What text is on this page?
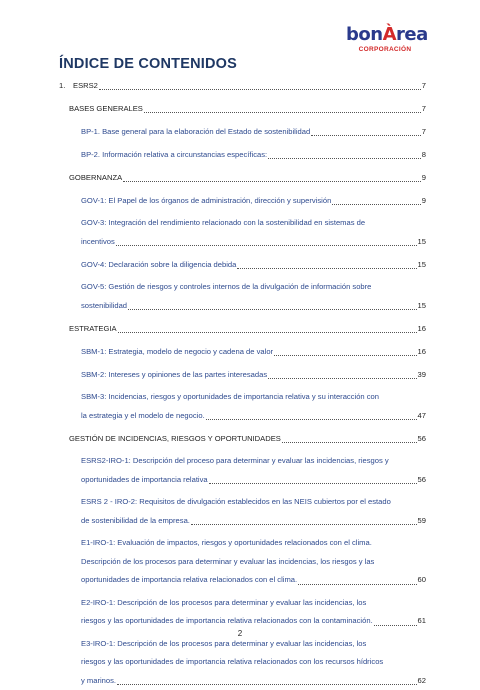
bonÀrea
CORPORACIÓN
ÍNDICE DE CONTENIDOS
1.	ESRS2	7
BASES GENERALES	7
BP-1. Base general para la elaboración del Estado de sostenibilidad	7
BP-2. Información relativa a circunstancias específicas:	8
GOBERNANZA	9
GOV-1: El Papel de los órganos de administración, dirección y supervisión	9
GOV-3: Integración del rendimiento relacionado con la sostenibilidad en sistemas de
incentivos	15
GOV-4: Declaración sobre la diligencia debida	15
GOV-5: Gestión de riesgos y controles internos de la divulgación de información sobre
sostenibilidad	15
ESTRATEGIA	16
SBM-1: Estrategia, modelo de negocio y cadena de valor	16
SBM-2: Intereses y opiniones de las partes interesadas	39
SBM-3: Incidencias, riesgos y oportunidades de importancia relativa y su interacción con
la estrategia y el modelo de negocio.	47
GESTIÓN DE INCIDENCIAS, RIESGOS Y OPORTUNIDADES	56
ESRS2-IRO-1: Descripción del proceso para determinar y evaluar las incidencias, riesgos y
oportunidades de importancia relativa	56
ESRS 2 - IRO-2: Requisitos de divulgación establecidos en las NEIS cubiertos por el estado
de sostenibilidad de la empresa.	59
E1-IRO-1: Evaluación de impactos, riesgos y oportunidades relacionados con el clima.
Descripción de los procesos para determinar y evaluar las incidencias, los riesgos y las
oportunidades de importancia relativa relacionados con el clima.	60
E2-IRO-1: Descripción de los procesos para determinar y evaluar las incidencias, los
riesgos y las oportunidades de importancia relativa relacionados con la contaminación.	61
E3-IRO-1: Descripción de los procesos para determinar y evaluar las incidencias, los
riesgos y las oportunidades de importancia relativa relacionados con los recursos hídricos
y marinos.	62
2
